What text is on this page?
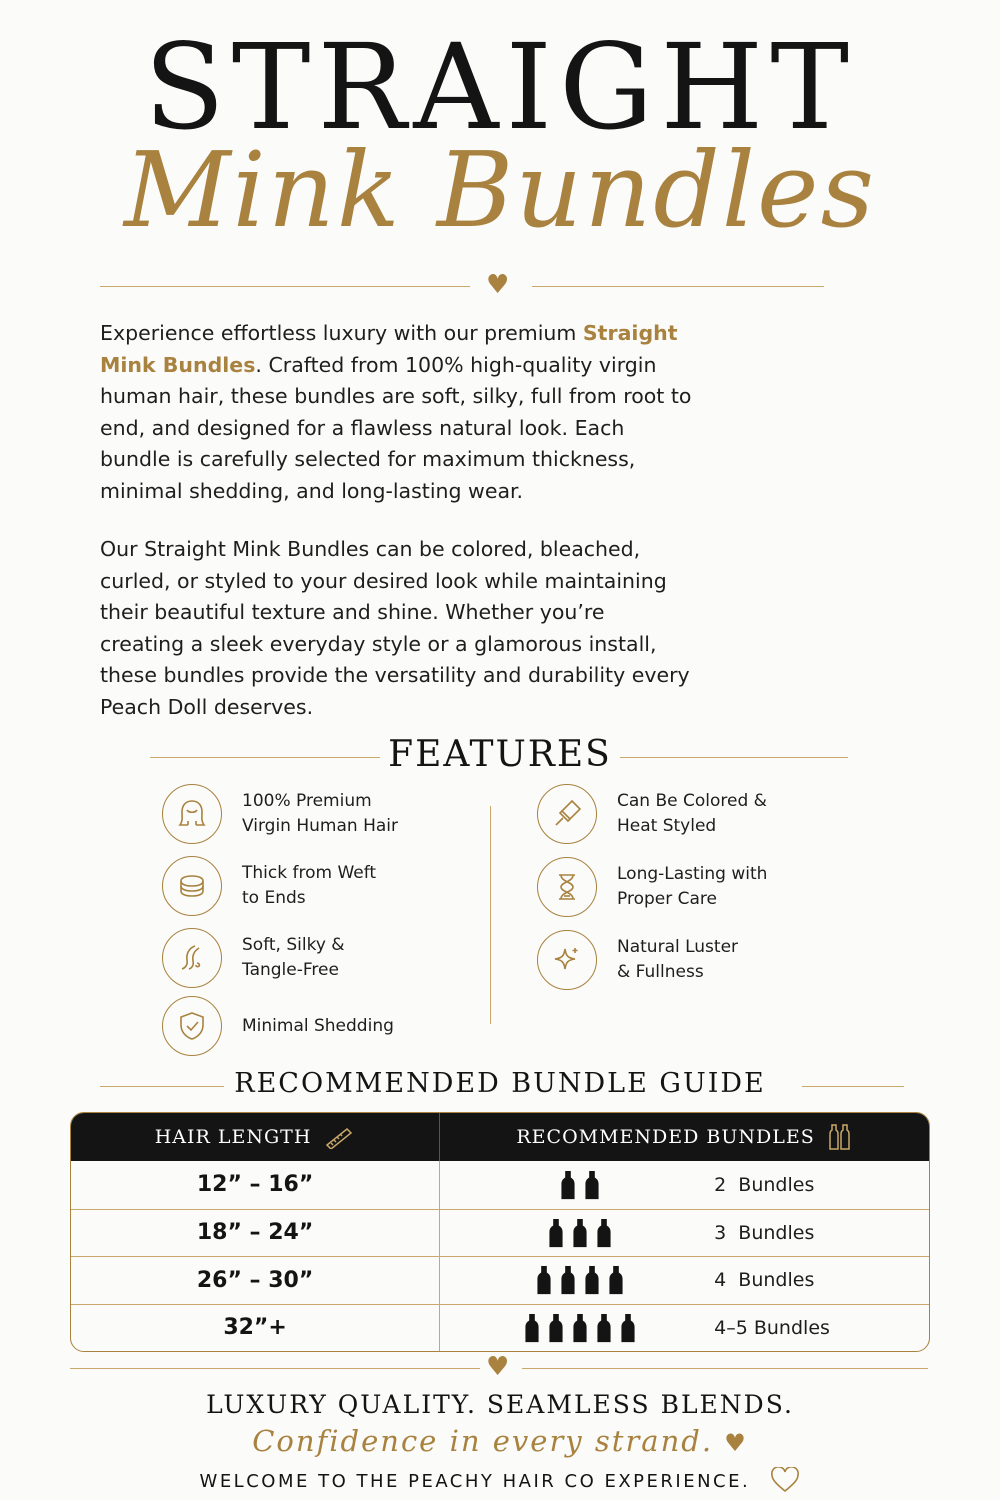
STRAIGHT
Mink Bundles
♥
Experience effortless luxury with our premium Straight Mink Bundles. Crafted from 100% high-quality virgin human hair, these bundles are soft, silky, full from root to end, and designed for a flawless natural look. Each bundle is carefully selected for maximum thickness, minimal shedding, and long-lasting wear.
Our Straight Mink Bundles can be colored, bleached, curled, or styled to your desired look while maintaining their beautiful texture and shine. Whether you’re creating a sleek everyday style or a glamorous install, these bundles provide the versatility and durability every Peach Doll deserves.
FEATURES
100% Premium
Virgin Human Hair
Thick from Weft
to Ends
Soft, Silky &
Tangle-Free
Minimal Shedding
Can Be Colored &
Heat Styled
Long-Lasting with
Proper Care
Natural Luster
& Fullness
RECOMMENDED BUNDLE GUIDE
HAIR LENGTH	RECOMMENDED BUNDLES
12” – 16”	2  Bundles
18” – 24”	3  Bundles
26” – 30”	4  Bundles
32”+	4–5 Bundles
♥
LUXURY QUALITY. SEAMLESS BLENDS.
Confidence in every strand. ♥
WELCOME TO THE PEACHY HAIR CO EXPERIENCE.
